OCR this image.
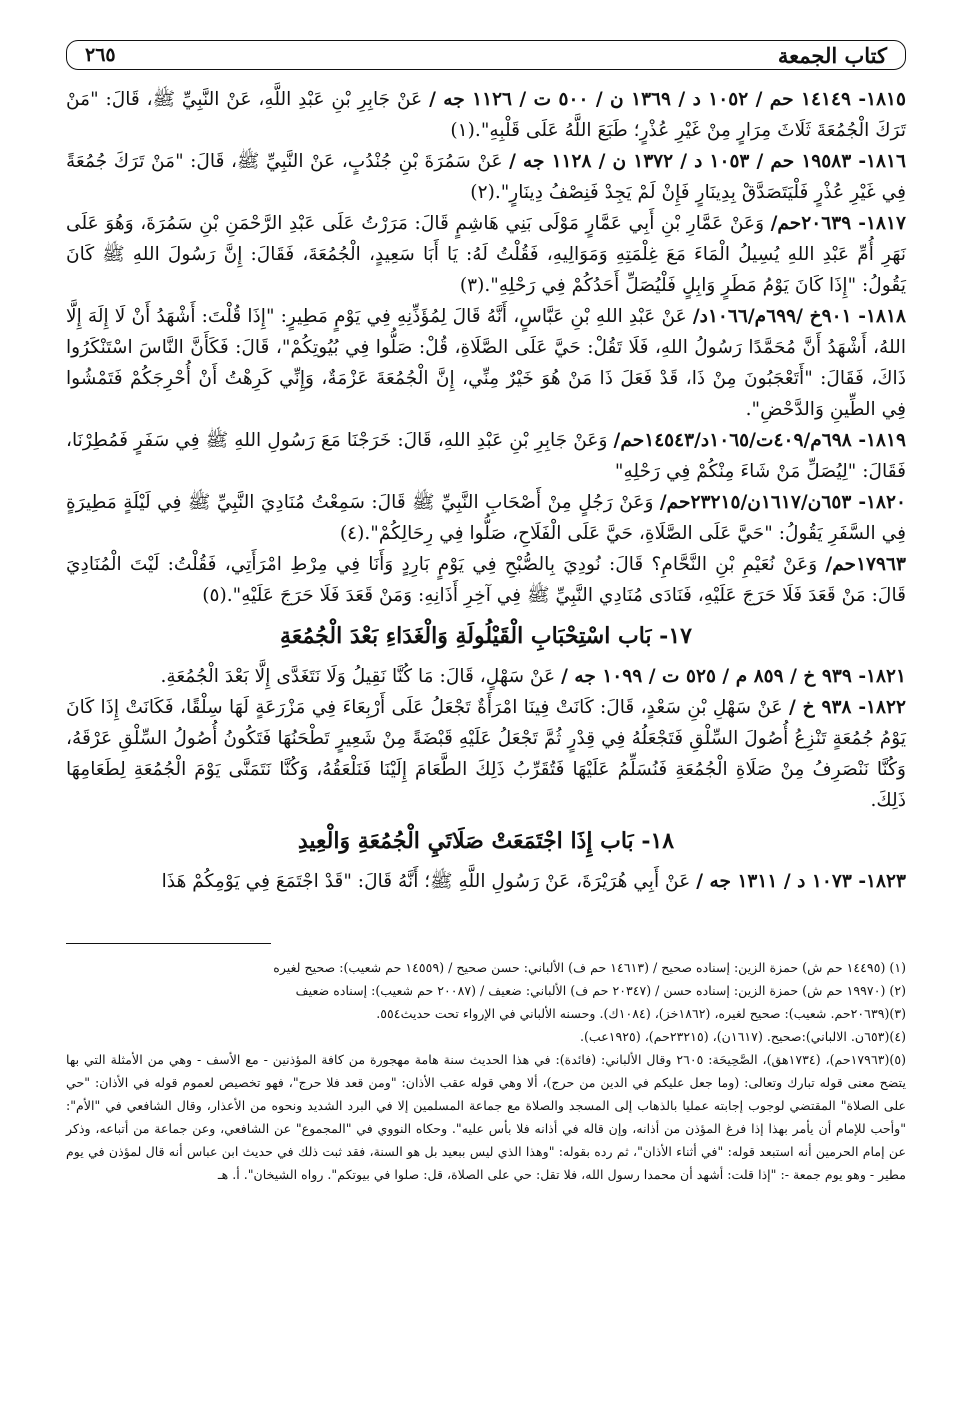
كتاب الجمعة
٢٦٥

١٨١٥- ١٤١٤٩ حم / ١٠٥٢ د / ١٣٦٩ ن / ٥٠٠ ت / ١١٢٦ جه / عَنْ جَابِرِ بْنِ عَبْدِ اللَّهِ، عَنْ النَّبِيِّ ﷺ، قَالَ: "مَنْ تَرَكَ الْجُمُعَةَ ثَلَاثَ مِرَارٍ مِنْ غَيْرِ عُذْرٍ؛ طَبَعَ اللَّهُ عَلَى قَلْبِهِ".(١)

١٨١٦- ١٩٥٨٣ حم / ١٠٥٣ د / ١٣٧٢ ن / ١١٢٨ جه / عَنْ سَمُرَةَ بْنِ جُنْدُبٍ، عَنْ النَّبِيِّ ﷺ، قَالَ: "مَنْ تَرَكَ جُمُعَةً فِي غَيْرِ عُذْرٍ فَلْيَتَصَدَّقْ بِدِينَارٍ فَإِنْ لَمْ يَجِدْ فَنِصْفُ دِينَارٍ".(٢)

١٨١٧- ٢٠٦٣٩حم/ وَعَنْ عَمَّارِ بْنِ أَبِي عَمَّارٍ مَوْلَى بَنِي هَاشِمٍ قَالَ: مَرَرْتُ عَلَى عَبْدِ الرَّحْمَنِ بْنِ سَمُرَةَ، وَهُوَ عَلَى نَهَرِ أُمِّ عَبْدِ اللهِ يُسِيلُ الْمَاءَ مَعَ غِلْمَتِهِ وَمَوَالِيهِ، فَقُلْتُ لَهُ: يَا أَبَا سَعِيدٍ، الْجُمُعَةَ، فَقَالَ: إِنَّ رَسُولَ اللهِ ﷺ كَانَ يَقُولُ: "إِذَا كَانَ يَوْمُ مَطَرٍ وَابِلٍ فَلْيُصَلِّ أَحَدُكُمْ فِي رَحْلِهِ".(٣)

١٨١٨- ٩٠١خ /٦٩٩م/١٠٦٦د/ عَنْ عَبْدِ اللهِ بْنِ عَبَّاسٍ، أَنَّهُ قَالَ لِمُؤَذِّنِهِ فِي يَوْمٍ مَطِيرٍ: "إِذَا قُلْتَ: أَشْهَدُ أَنْ لَا إِلَهَ إِلَّا اللهُ، أَشْهَدُ أَنَّ مُحَمَّدًا رَسُولُ اللهِ، فَلَا تَقُلْ: حَيَّ عَلَى الصَّلَاةِ، قُلْ: صَلُّوا فِي بُيُوتِكُمْ"، قَالَ: فَكَأَنَّ النَّاسَ اسْتَنْكَرُوا ذَاكَ، فَقَالَ: "أَتَعْجَبُونَ مِنْ ذَا، قَدْ فَعَلَ ذَا مَنْ هُوَ خَيْرٌ مِنِّي، إِنَّ الْجُمُعَةَ عَزْمَةٌ، وَإِنِّي كَرِهْتُ أَنْ أُحْرِجَكُمْ فَتَمْشُوا فِي الطِّينِ وَالدَّحْضِ".

١٨١٩- ٦٩٨م/٤٠٩ت/١٠٦٥د/١٤٥٤٣حم/ وَعَنْ جَابِرِ بْنِ عَبْدِ اللهِ، قَالَ: خَرَجْنَا مَعَ رَسُولِ اللهِ ﷺ فِي سَفَرٍ فَمُطِرْنَا، فَقَالَ: "لِيُصَلِّ مَنْ شَاءَ مِنْكُمْ فِي رَحْلِهِ"

١٨٢٠- ٦٥٣ن/١٦١٧ن/٢٣٢١٥حم/ وَعَنْ رَجُلٍ مِنْ أَصْحَابِ النَّبِيِّ ﷺ قَالَ: سَمِعْتُ مُنَادِيَ النَّبِيِّ ﷺ فِي لَيْلَةٍ مَطِيرَةٍ فِي السَّفَرِ يَقُولُ: "حَيَّ عَلَى الصَّلَاةِ، حَيَّ عَلَى الْفَلَاحِ، صَلُّوا فِي رِحَالِكُمْ".(٤)

١٧٩٦٣حم/ وَعَنْ نُعَيْمِ بْنِ النَّحَّامِ؟ قَالَ: نُودِيَ بِالصُّبْحِ فِي يَوْمٍ بَارِدٍ وَأَنَا فِي مِرْطِ امْرَأَتِي، فَقُلْتُ: لَيْتَ الْمُنَادِيَ قَالَ: مَنْ قَعَدَ فَلَا حَرَجَ عَلَيْهِ، فَنَادَى مُنَادِي النَّبِيِّ ﷺ فِي آخِرِ أَذَانِهِ: وَمَنْ قَعَدَ فَلَا حَرَجَ عَلَيْهِ".(٥)

١٧- بَاب اسْتِحْبَابِ الْقَيْلُولَةِ وَالْغَدَاءِ بَعْدَ الْجُمُعَةِ

١٨٢١- ٩٣٩ خ / ٨٥٩ م / ٥٢٥ ت / ١٠٩٩ جه / عَنْ سَهْلٍ، قَالَ: مَا كُنَّا نَقِيلُ وَلَا نَتَغَدَّى إِلَّا بَعْدَ الْجُمُعَةِ.

١٨٢٢- ٩٣٨ خ / عَنْ سَهْلِ بْنِ سَعْدٍ، قَالَ: كَانَتْ فِينَا امْرَأَةٌ تَجْعَلُ عَلَى أَرْبِعَاءَ فِي مَزْرَعَةٍ لَهَا سِلْقًا، فَكَانَتْ إِذَا كَانَ يَوْمُ جُمُعَةٍ تَنْزِعُ أُصُولَ السِّلْقِ فَتَجْعَلُهُ فِي قِدْرٍ ثُمَّ تَجْعَلُ عَلَيْهِ قَبْضَةً مِنْ شَعِيرٍ تَطْحَنُهَا فَتَكُونُ أُصُولُ السِّلْقِ عَرْقَهُ، وَكُنَّا نَنْصَرِفُ مِنْ صَلَاةِ الْجُمُعَةِ فَنُسَلِّمُ عَلَيْهَا فَتُقَرِّبُ ذَلِكَ الطَّعَامَ إِلَيْنَا فَنَلْعَقُهُ، وَكُنَّا نَتَمَنَّى يَوْمَ الْجُمُعَةِ لِطَعَامِهَا ذَلِكَ.

١٨- بَاب إِذَا اجْتَمَعَتْ صَلَاتَيِ الْجُمُعَةِ وَالْعِيدِ

١٨٢٣- ١٠٧٣ د / ١٣١١ جه / عَنْ أَبِي هُرَيْرَةَ، عَنْ رَسُولِ اللَّهِ ﷺ؛ أَنَّهُ قَالَ: "قَدْ اجْتَمَعَ فِي يَوْمِكُمْ هَذَا

(١) (١٤٤٩٥ حم ش) حمزة الزين: إسناده صحيح / (١٤٦١٣ حم ف) الألباني: حسن صحيح / (١٤٥٥٩ حم شعيب): صحيح لغيره

(٢) (١٩٩٧٠ حم ش) حمزة الزين: إسناده حسن / (٢٠٣٤٧ حم ف) الألباني: ضعيف / (٢٠٠٨٧ حم شعيب): إسناده ضعيف

(٣)(٢٠٦٣٩حم. شعيب): صحيح لغيره، (١٨٦٢خز)، (١٠٨٤ك). وحسنه الألباني في الإرواء تحت حديث٥٥٤.

(٤)(٦٥٣ن. الالباني):صحيح. (١٦١٧ن)، (٢٣٢١٥حم)، (١٩٢٥عب).

(٥)(١٧٩٦٣حم)، (١٧٣٤هق)، الصَّحِيحَة: ٢٦٠٥ وقال الألباني: (فائدة): في هذا الحديث سنة هامة مهجورة من كافة المؤذنين - مع الأسف - وهي من الأمثلة التي بها يتضح معنى قوله تبارك وتعالى: (وما جعل عليكم في الدين من حرج)، ألا وهي قوله عقب الأذان: "ومن قعد فلا حرج"، فهو تخصيص لعموم قوله في الأذان: "حي على الصلاة" المقتضي لوجوب إجابته عمليا بالذهاب إلى المسجد والصلاة مع جماعة المسلمين إلا في البرد الشديد ونحوه من الأعذار، وقال الشافعي في "الأم": "وأحب للإمام أن يأمر بهذا إذا فرغ المؤذن من أذانه، وإن قاله في أذانه فلا بأس عليه". وحكاه النووي في "المجموع" عن الشافعي، وعن جماعة من أتباعه، وذكر عن إمام الحرمين أنه استبعد قوله: "في أثناء الأذان"، ثم رده بقوله: "وهذا الذي ليس ببعيد بل هو السنة، فقد ثبت ذلك في حديث ابن عباس أنه قال لمؤذن في يوم مطير - وهو يوم جمعة -: "إذا قلت: أشهد أن محمدا رسول الله، فلا تقل: حي على الصلاة، قل: صلوا في بيوتكم". رواه الشيخان". أ. هـ
